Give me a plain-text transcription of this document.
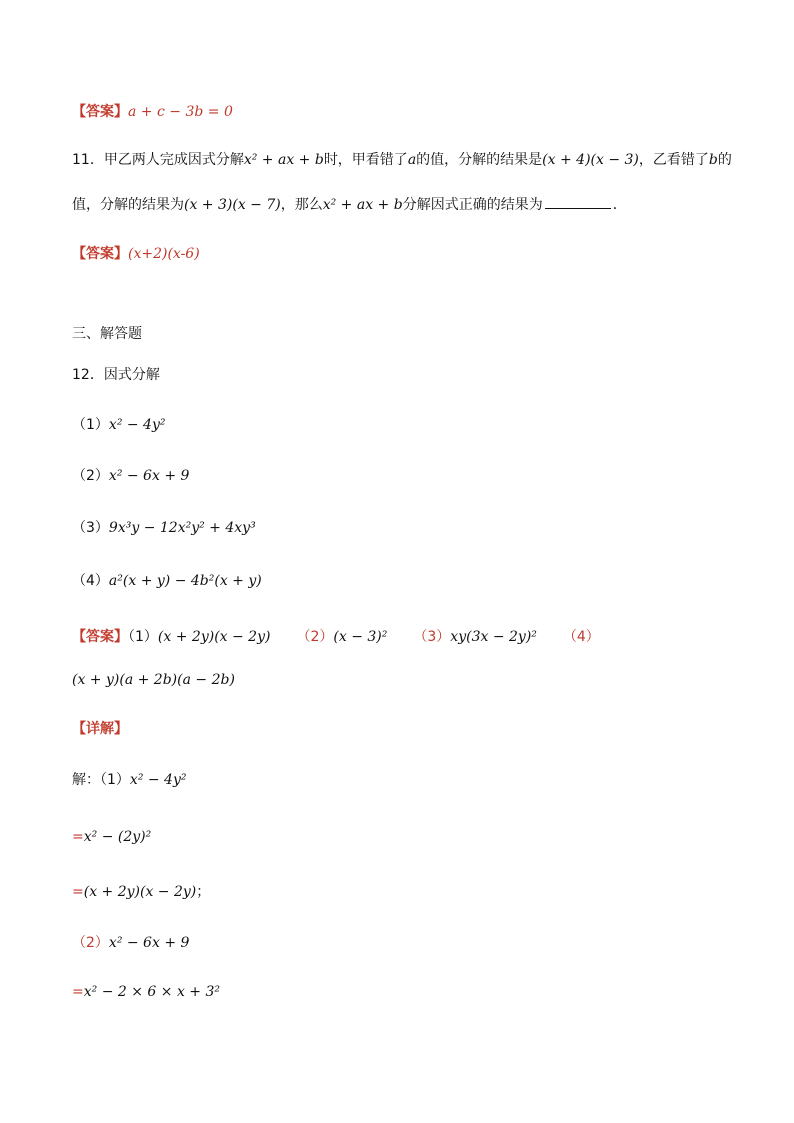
【答案】a + c − 3b = 0
11．甲乙两人完成因式分解x² + ax + b时，甲看错了a的值，分解的结果是(x + 4)(x − 3)，乙看错了b的
值，分解的结果为(x + 3)(x − 7)，那么x² + ax + b分解因式正确的结果为	．
【答案】(x+2)(x-6)
三、解答题
12．因式分解
（1）x² − 4y²
（2）x² − 6x + 9
（3）9x³y − 12x²y² + 4xy³
（4）a²(x + y) − 4b²(x + y)
【答案】（1）(x + 2y)(x − 2y) （2）(x − 3)² （3）xy(3x − 2y)² （4）
(x + y)(a + 2b)(a − 2b)
【详解】
解：（1）x² − 4y²
=x² − (2y)²
=(x + 2y)(x − 2y)；
（2）x² − 6x + 9
=x² − 2 × 6 × x + 3²
